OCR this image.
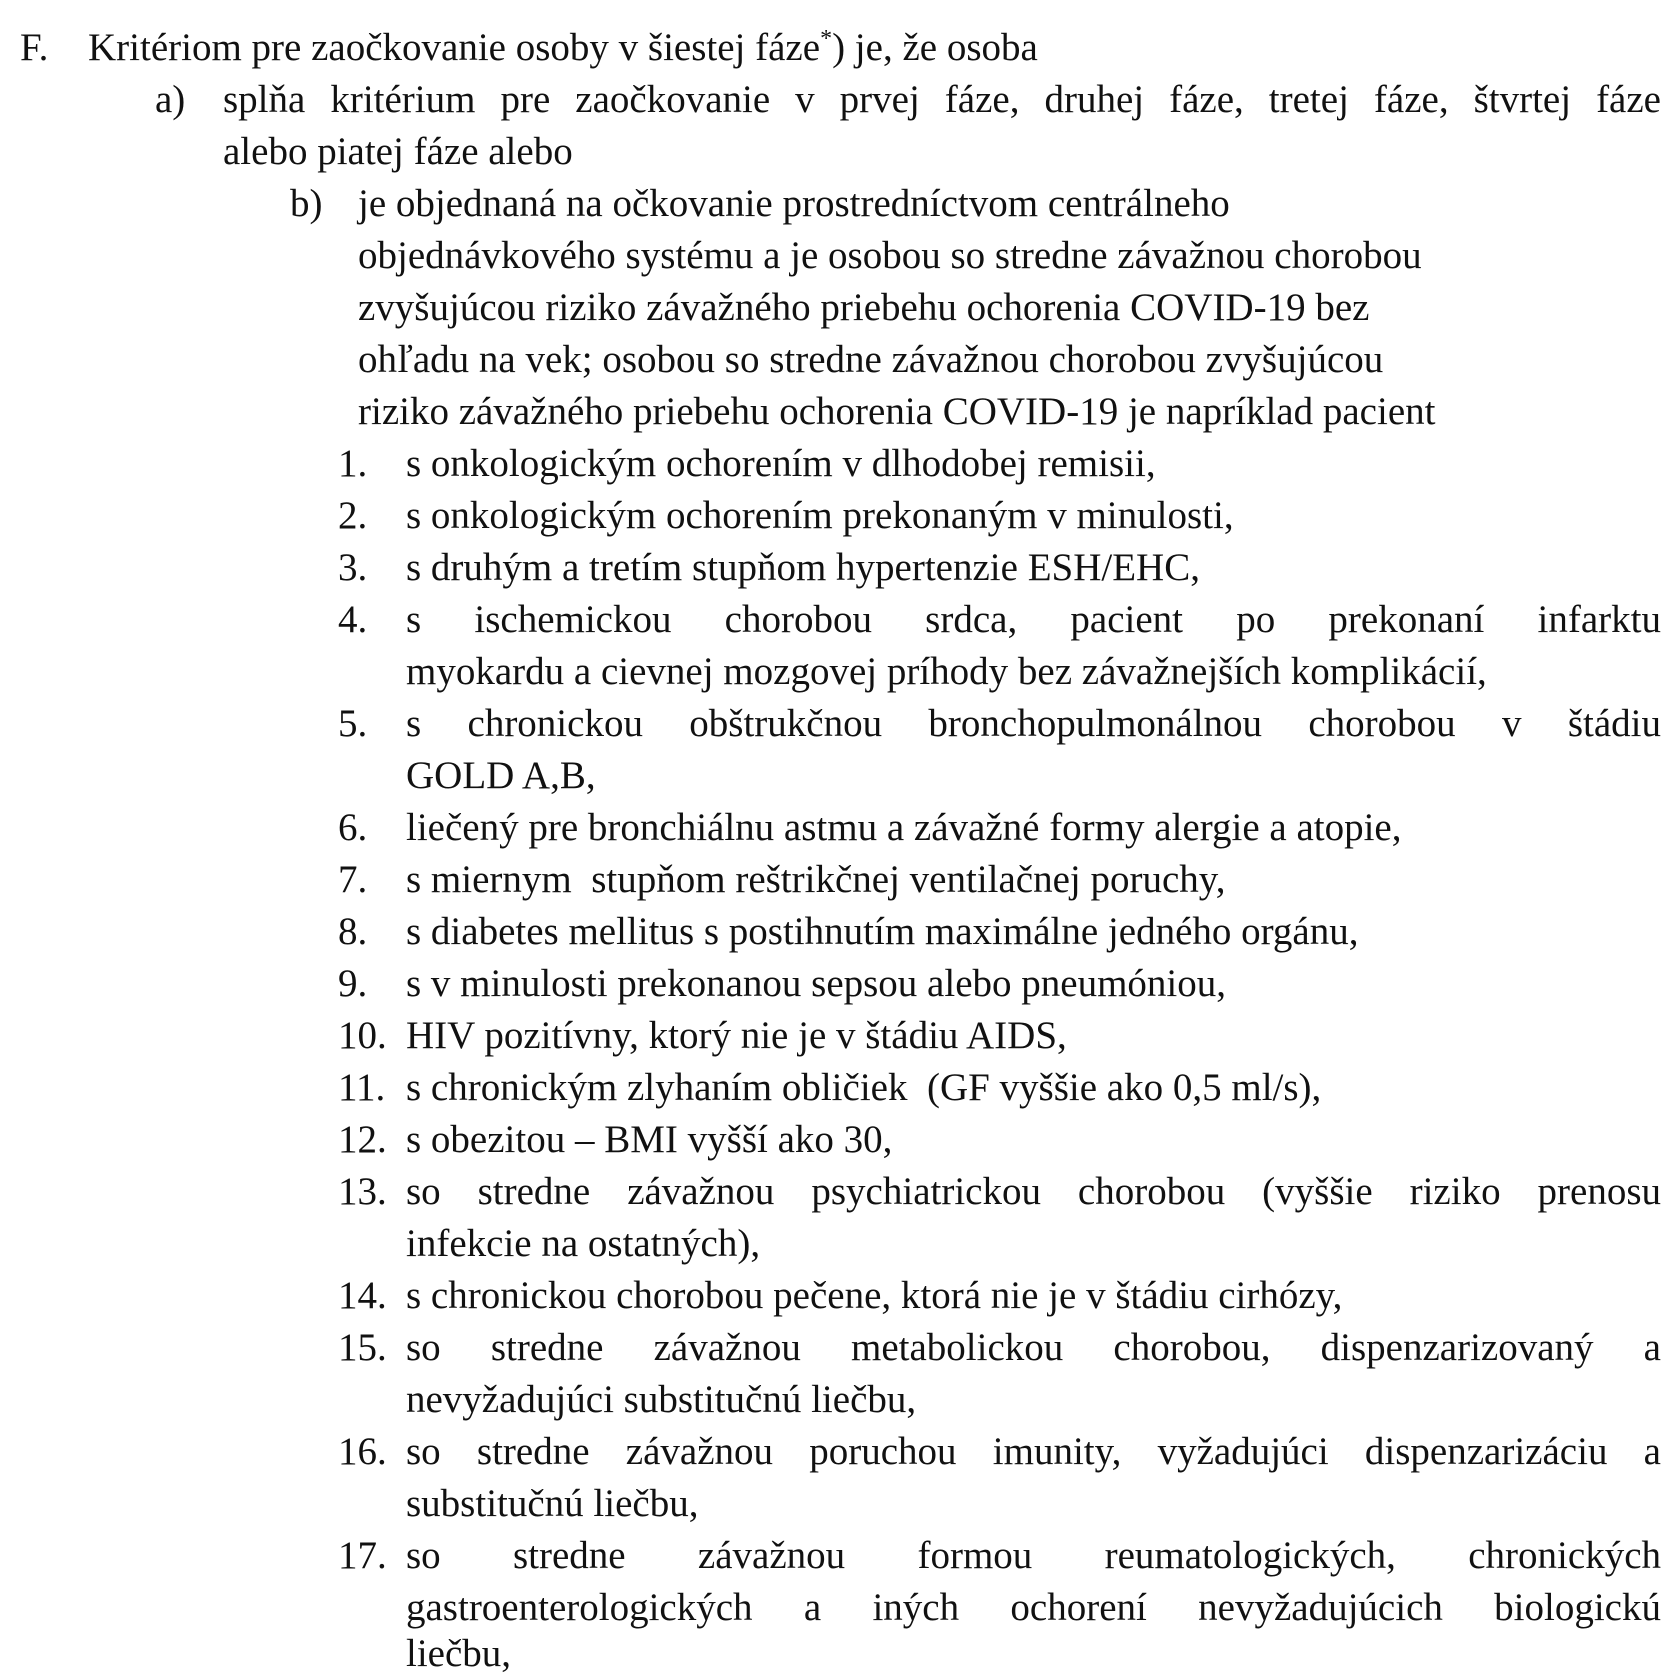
F. Kritériom pre zaočkovanie osoby v šiestej fáze*) je, že osoba
a) splňa kritérium pre zaočkovanie v prvej fáze, druhej fáze, tretej fáze, štvrtej fáze
alebo piatej fáze alebo
b) je objednaná na očkovanie prostredníctvom centrálneho
objednávkového systému a je osobou so stredne závažnou chorobou
zvyšujúcou riziko závažného priebehu ochorenia COVID-19 bez
ohľadu na vek; osobou so stredne závažnou chorobou zvyšujúcou
riziko závažného priebehu ochorenia COVID-19 je napríklad pacient
1. s onkologickým ochorením v dlhodobej remisii,
2. s onkologickým ochorením prekonaným v minulosti,
3. s druhým a tretím stupňom hypertenzie ESH/EHC,
4. s ischemickou chorobou srdca, pacient po prekonaní infarktu
myokardu a cievnej mozgovej príhody bez závažnejších komplikácií,
5. s chronickou obštrukčnou bronchopulmonálnou chorobou v štádiu
GOLD A,B,
6. liečený pre bronchiálnu astmu a závažné formy alergie a atopie,
7. s miernym  stupňom reštrikčnej ventilačnej poruchy,
8. s diabetes mellitus s postihnutím maximálne jedného orgánu,
9. s v minulosti prekonanou sepsou alebo pneumóniou,
10. HIV pozitívny, ktorý nie je v štádiu AIDS,
11. s chronickým zlyhaním obličiek  (GF vyššie ako 0,5 ml/s),
12. s obezitou – BMI vyšší ako 30,
13. so stredne závažnou psychiatrickou chorobou (vyššie riziko prenosu
infekcie na ostatných),
14. s chronickou chorobou pečene, ktorá nie je v štádiu cirhózy,
15. so stredne závažnou metabolickou chorobou, dispenzarizovaný a
nevyžadujúci substitučnú liečbu,
16. so stredne závažnou poruchou imunity, vyžadujúci dispenzarizáciu a
substitučnú liečbu,
17. so stredne závažnou formou reumatologických, chronických
gastroenterologických a iných ochorení nevyžadujúcich biologickú
liečbu,
